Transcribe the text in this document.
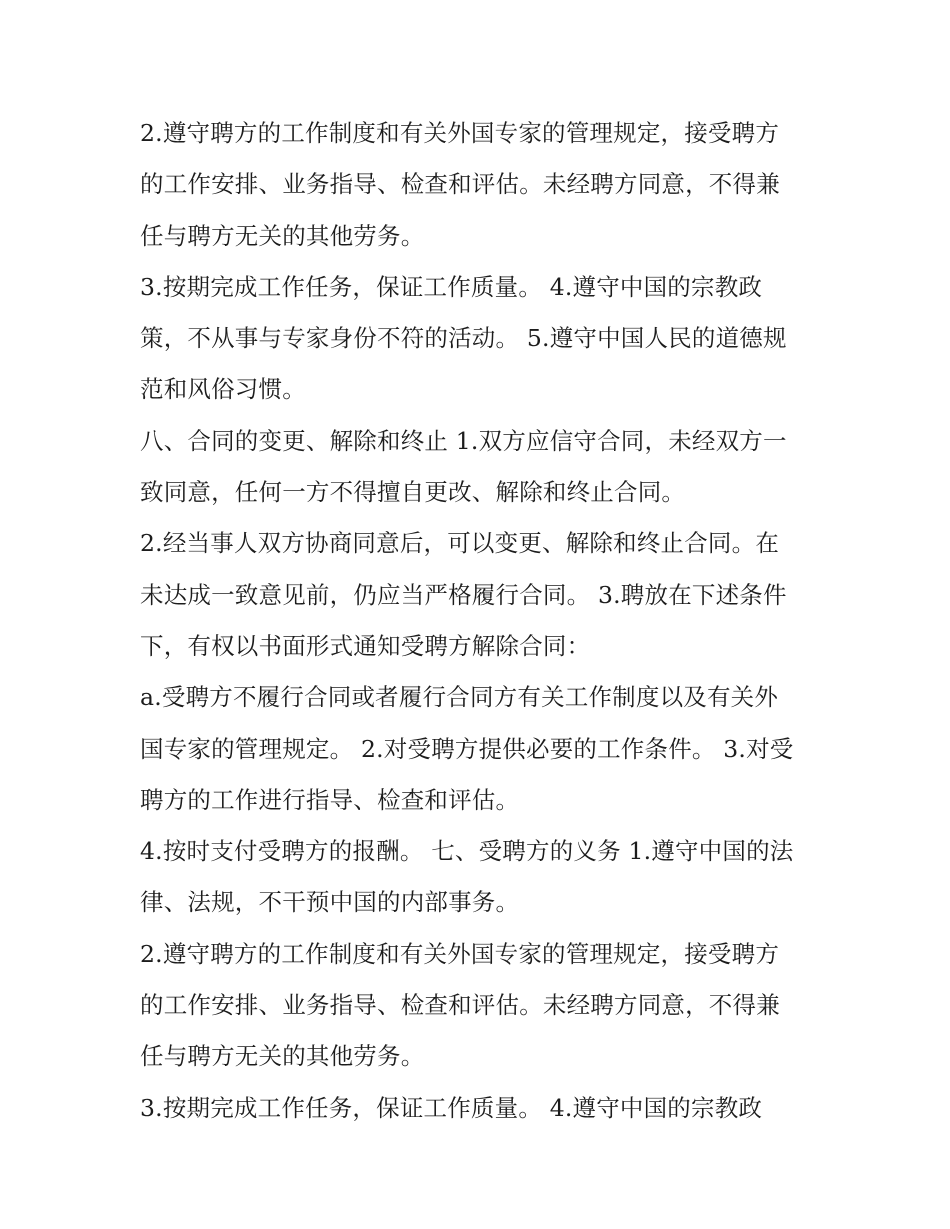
2.遵守聘方的工作制度和有关外国专家的管理规定，接受聘方
的工作安排、业务指导、检查和评估。未经聘方同意，不得兼
任与聘方无关的其他劳务。
3.按期完成工作任务，保证工作质量。 4.遵守中国的宗教政
策，不从事与专家身份不符的活动。 5.遵守中国人民的道德规
范和风俗习惯。
八、合同的变更、解除和终止 1.双方应信守合同，未经双方一
致同意，任何一方不得擅自更改、解除和终止合同。
2.经当事人双方协商同意后，可以变更、解除和终止合同。在
未达成一致意见前，仍应当严格履行合同。 3.聘放在下述条件
下，有权以书面形式通知受聘方解除合同：
a.受聘方不履行合同或者履行合同方有关工作制度以及有关外
国专家的管理规定。 2.对受聘方提供必要的工作条件。 3.对受
聘方的工作进行指导、检查和评估。
4.按时支付受聘方的报酬。 七、受聘方的义务 1.遵守中国的法
律、法规，不干预中国的内部事务。
2.遵守聘方的工作制度和有关外国专家的管理规定，接受聘方
的工作安排、业务指导、检查和评估。未经聘方同意，不得兼
任与聘方无关的其他劳务。
3.按期完成工作任务，保证工作质量。 4.遵守中国的宗教政
